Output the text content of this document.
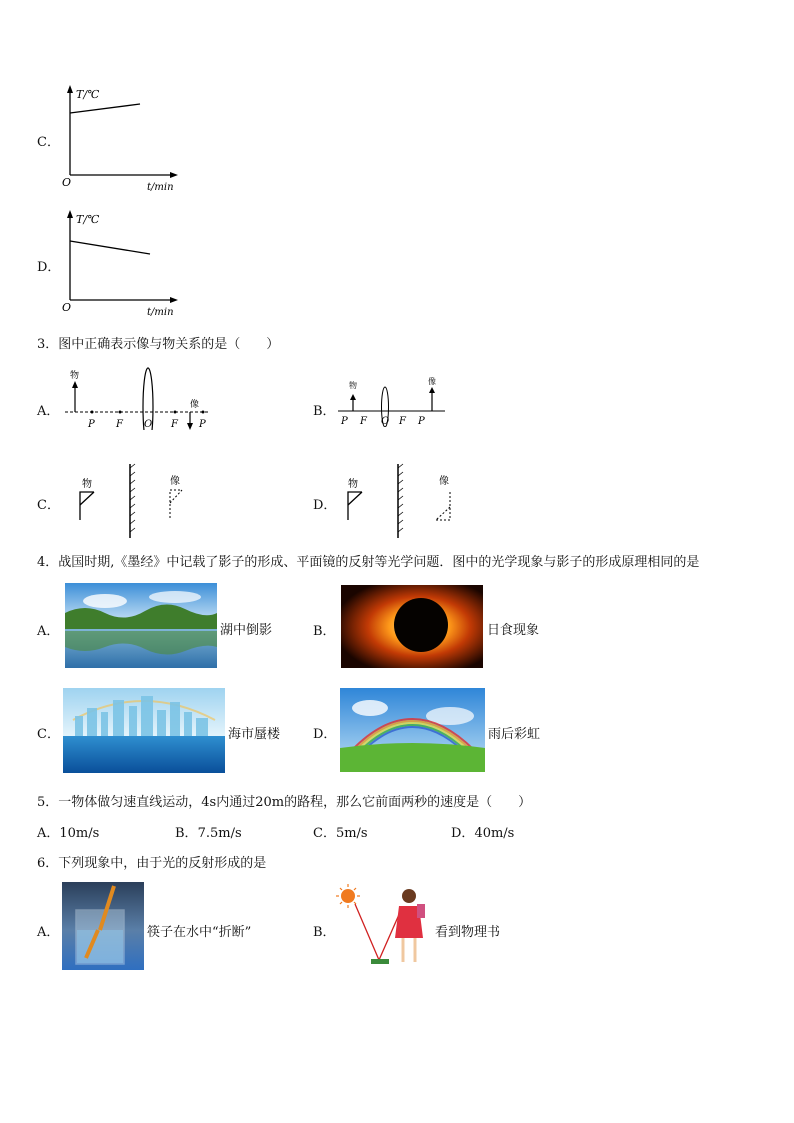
C．
T/℃
O	t/min
D．
T/℃
O	t/min
3．图中正确表示像与物关系的是（　　）
A．
物
像
P F O F P
B．
物	像
P F O F P
C．
物	像
D．
物	像
4．战国时期,《墨经》中记载了影子的形成、平面镜的反射等光学问题．图中的光学现象与影子的形成原理相同的是
A．	湖中倒影	B．	日食现象
C．	海市蜃楼	D．	雨后彩虹
5．一物体做匀速直线运动，4s内通过20m的路程，那么它前面两秒的速度是（　　）
A．10m/s	B．7.5m/s	C．5m/s	D．40m/s
6．下列现象中，由于光的反射形成的是
A．	筷子在水中“折断”	B．	看到物理书
